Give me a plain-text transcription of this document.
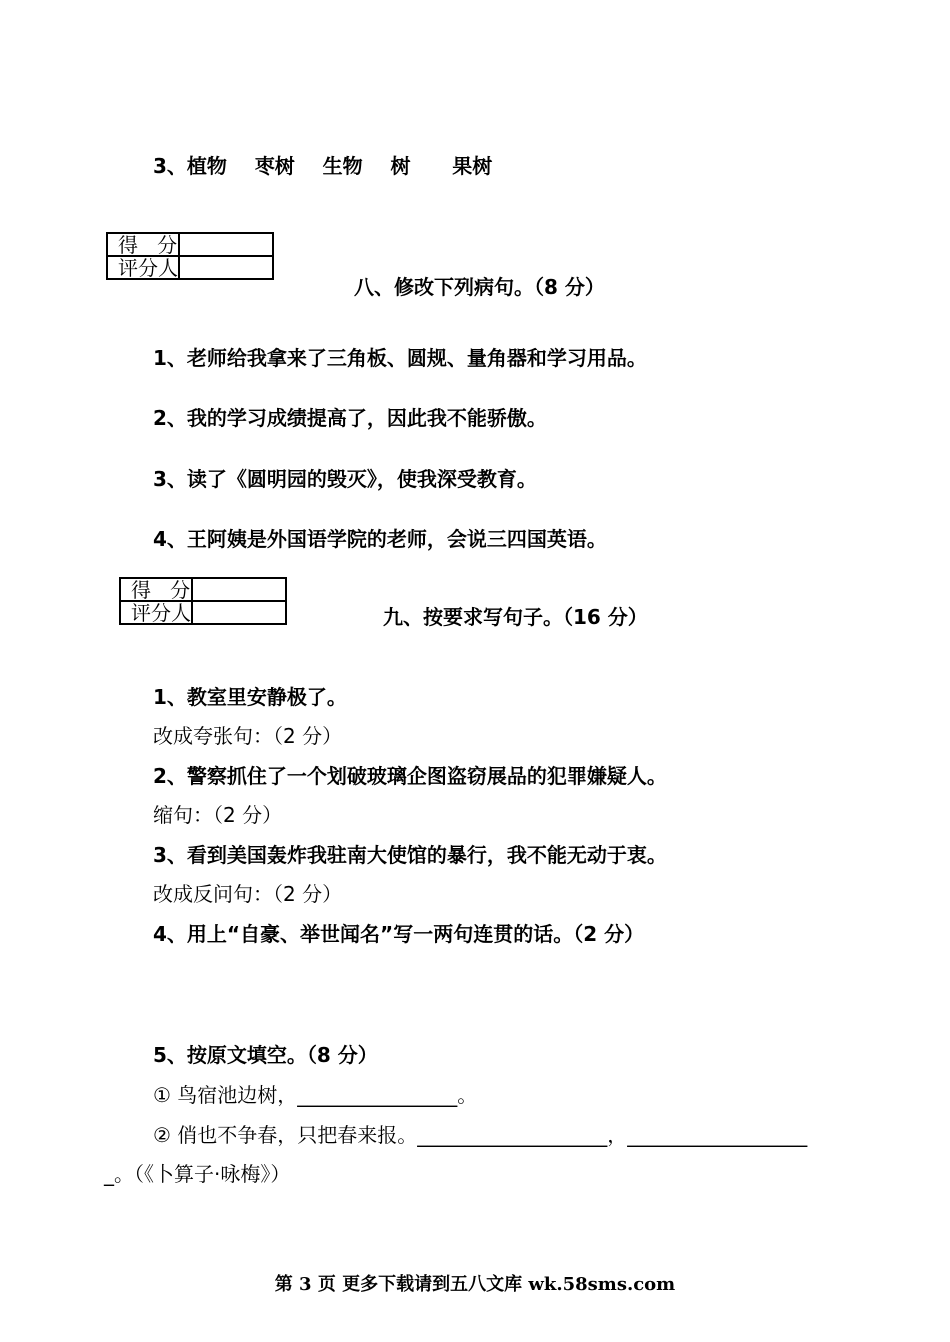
3、植物    枣树    生物    树      果树
得   分	
评分人	
八、修改下列病句。（8 分）
1、老师给我拿来了三角板、圆规、量角器和学习用品。
2、我的学习成绩提高了，因此我不能骄傲。
3、读了《圆明园的毁灭》，使我深受教育。
4、王阿姨是外国语学院的老师，会说三四国英语。
得   分	
评分人		九、按要求写句子。（16 分）
1、教室里安静极了。
改成夸张句：（2 分）
2、警察抓住了一个划破玻璃企图盗窃展品的犯罪嫌疑人。
缩句：（2 分）
3、看到美国轰炸我驻南大使馆的暴行，我不能无动于衷。
改成反问句：（2 分）
4、用上“自豪、举世闻名”写一两句连贯的话。（2 分）
5、按原文填空。（8 分）
① 鸟宿池边树，________________。
② 俏也不争春，只把春来报。___________________，__________________
_。（《卜算子·咏梅》）
第 3 页 更多下载请到五八文库 wk.58sms.com
